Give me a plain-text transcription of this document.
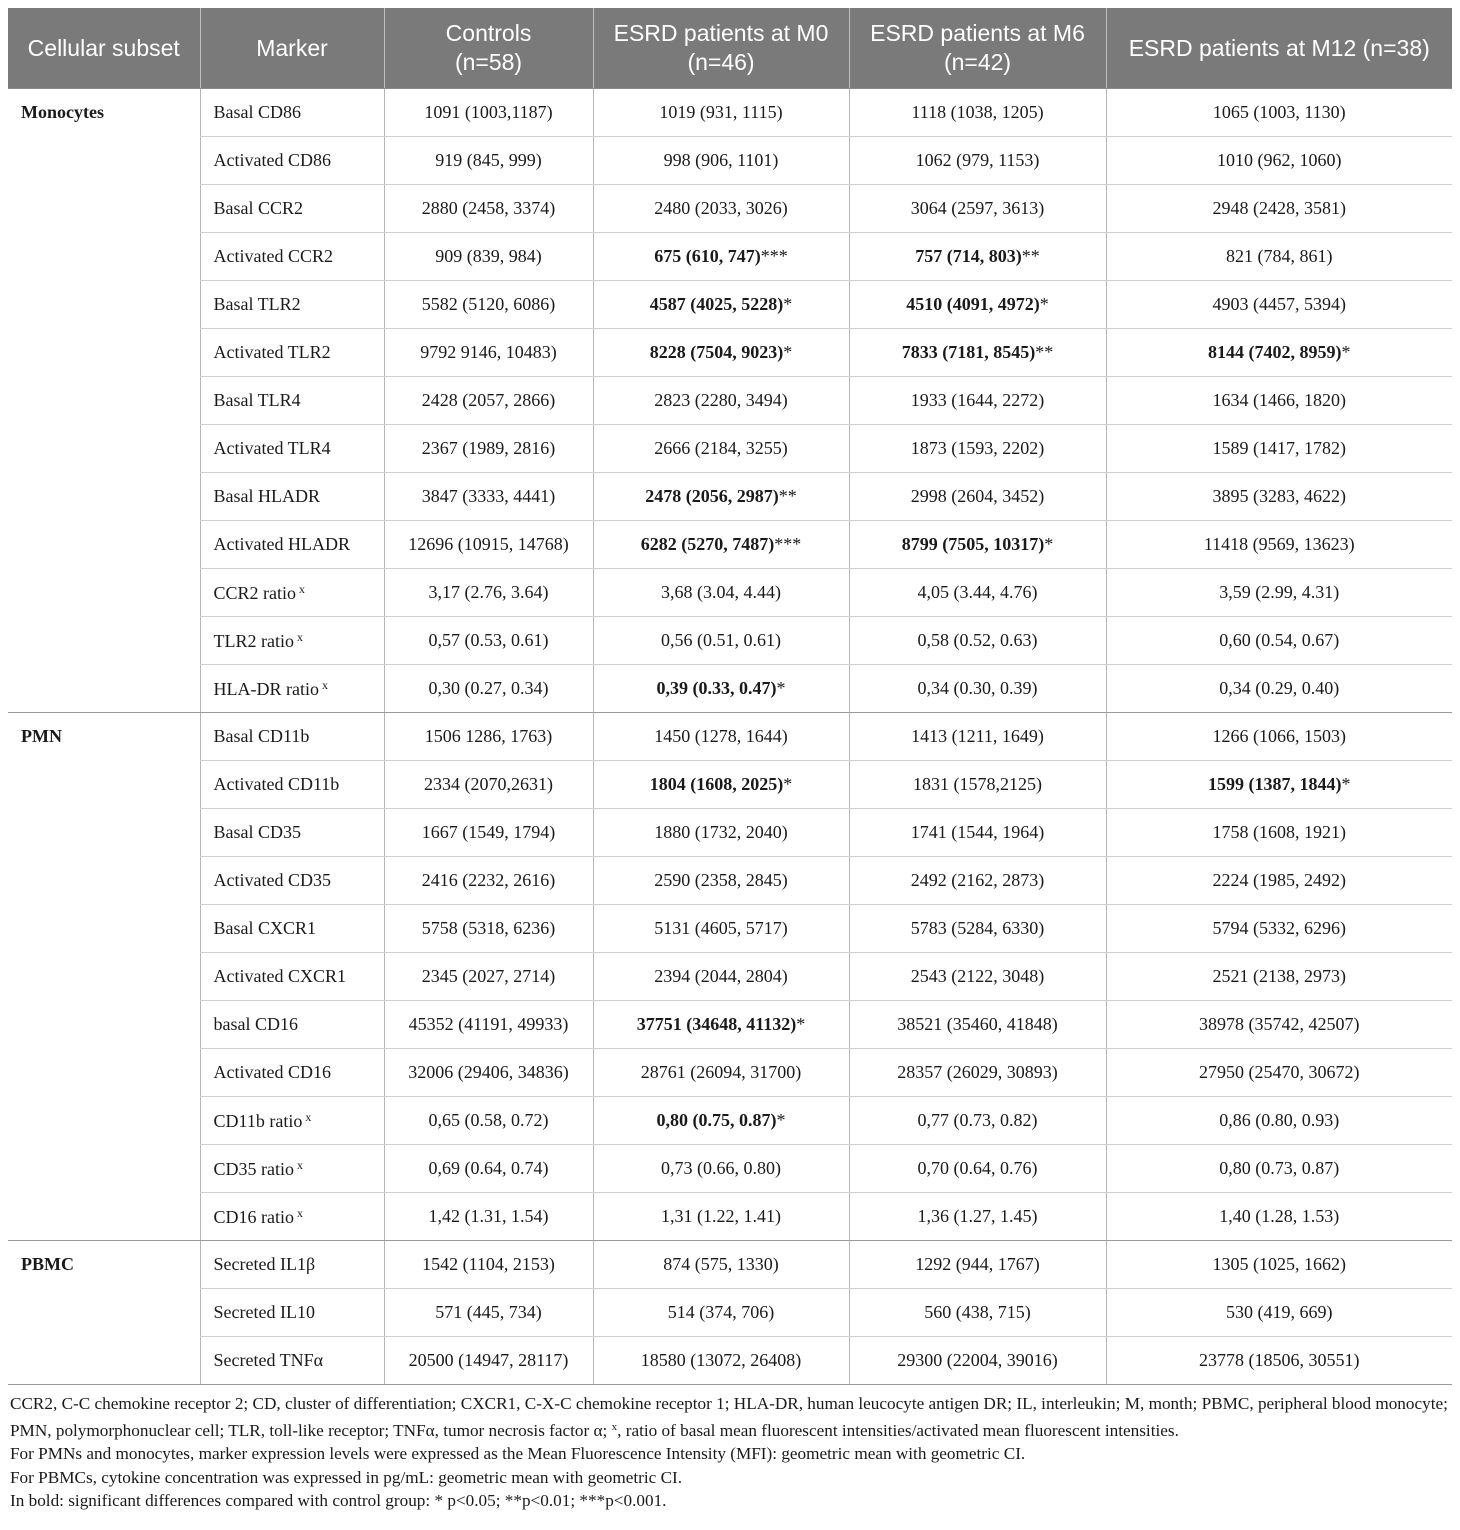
Cellular subset	Marker	Controls (n=58)	ESRD patients at M0 (n=46)	ESRD patients at M6 (n=42)	ESRD patients at M12 (n=38)
Monocytes	Basal CD86	1091 (1003,1187)	1019 (931, 1115)	1118 (1038, 1205)	1065 (1003, 1130)
	Activated CD86	919 (845, 999)	998 (906, 1101)	1062 (979, 1153)	1010 (962, 1060)
	Basal CCR2	2880 (2458, 3374)	2480 (2033, 3026)	3064 (2597, 3613)	2948 (2428, 3581)
	Activated CCR2	909 (839, 984)	675 (610, 747)***	757 (714, 803)**	821 (784, 861)
	Basal TLR2	5582 (5120, 6086)	4587 (4025, 5228)*	4510 (4091, 4972)*	4903 (4457, 5394)
	Activated TLR2	9792 9146, 10483)	8228 (7504, 9023)*	7833 (7181, 8545)**	8144 (7402, 8959)*
	Basal TLR4	2428 (2057, 2866)	2823 (2280, 3494)	1933 (1644, 2272)	1634 (1466, 1820)
	Activated TLR4	2367 (1989, 2816)	2666 (2184, 3255)	1873 (1593, 2202)	1589 (1417, 1782)
	Basal HLADR	3847 (3333, 4441)	2478 (2056, 2987)**	2998 (2604, 3452)	3895 (3283, 4622)
	Activated HLADR	12696 (10915, 14768)	6282 (5270, 7487)***	8799 (7505, 10317)*	11418 (9569, 13623)
	CCR2 ratio $^x$	3,17 (2.76, 3.64)	3,68 (3.04, 4.44)	4,05 (3.44, 4.76)	3,59 (2.99, 4.31)
	TLR2 ratio $^x$	0,57 (0.53, 0.61)	0,56 (0.51, 0.61)	0,58 (0.52, 0.63)	0,60 (0.54, 0.67)
	HLA-DR ratio $^x$	0,30 (0.27, 0.34)	0,39 (0.33, 0.47)*	0,34 (0.30, 0.39)	0,34 (0.29, 0.40)
PMN	Basal CD11b	1506 1286, 1763)	1450 (1278, 1644)	1413 (1211, 1649)	1266 (1066, 1503)
	Activated CD11b	2334 (2070,2631)	1804 (1608, 2025)*	1831 (1578,2125)	1599 (1387, 1844)*
	Basal CD35	1667 (1549, 1794)	1880 (1732, 2040)	1741 (1544, 1964)	1758 (1608, 1921)
	Activated CD35	2416 (2232, 2616)	2590 (2358, 2845)	2492 (2162, 2873)	2224 (1985, 2492)
	Basal CXCR1	5758 (5318, 6236)	5131 (4605, 5717)	5783 (5284, 6330)	5794 (5332, 6296)
	Activated CXCR1	2345 (2027, 2714)	2394 (2044, 2804)	2543 (2122, 3048)	2521 (2138, 2973)
	basal CD16	45352 (41191, 49933)	37751 (34648, 41132)*	38521 (35460, 41848)	38978 (35742, 42507)
	Activated CD16	32006 (29406, 34836)	28761 (26094, 31700)	28357 (26029, 30893)	27950 (25470, 30672)
	CD11b ratio $^x$	0,65 (0.58, 0.72)	0,80 (0.75, 0.87)*	0,77 (0.73, 0.82)	0,86 (0.80, 0.93)
	CD35 ratio $^x$	0,69 (0.64, 0.74)	0,73 (0.66, 0.80)	0,70 (0.64, 0.76)	0,80 (0.73, 0.87)
	CD16 ratio $^x$	1,42 (1.31, 1.54)	1,31 (1.22, 1.41)	1,36 (1.27, 1.45)	1,40 (1.28, 1.53)
PBMC	Secreted IL1β	1542 (1104, 2153)	874 (575, 1330)	1292 (944, 1767)	1305 (1025, 1662)
	Secreted IL10	571 (445, 734)	514 (374, 706)	560 (438, 715)	530 (419, 669)
	Secreted TNFα	20500 (14947, 28117)	18580 (13072, 26408)	29300 (22004, 39016)	23778 (18506, 30551)

CCR2, C-C chemokine receptor 2; CD, cluster of differentiation; CXCR1, C-X-C chemokine receptor 1; HLA-DR, human leucocyte antigen DR; IL, interleukin; M, month; PBMC, peripheral blood monocyte; PMN, polymorphonuclear cell; TLR, toll-like receptor; TNFα, tumor necrosis factor α; $^x$, ratio of basal mean fluorescent intensities/activated mean fluorescent intensities.

For PMNs and monocytes, marker expression levels were expressed as the Mean Fluorescence Intensity (MFI): geometric mean with geometric CI.

For PBMCs, cytokine concentration was expressed in pg/mL: geometric mean with geometric CI.

In bold: significant differences compared with control group: * p<0.05; **p<0.01; ***p<0.001.
